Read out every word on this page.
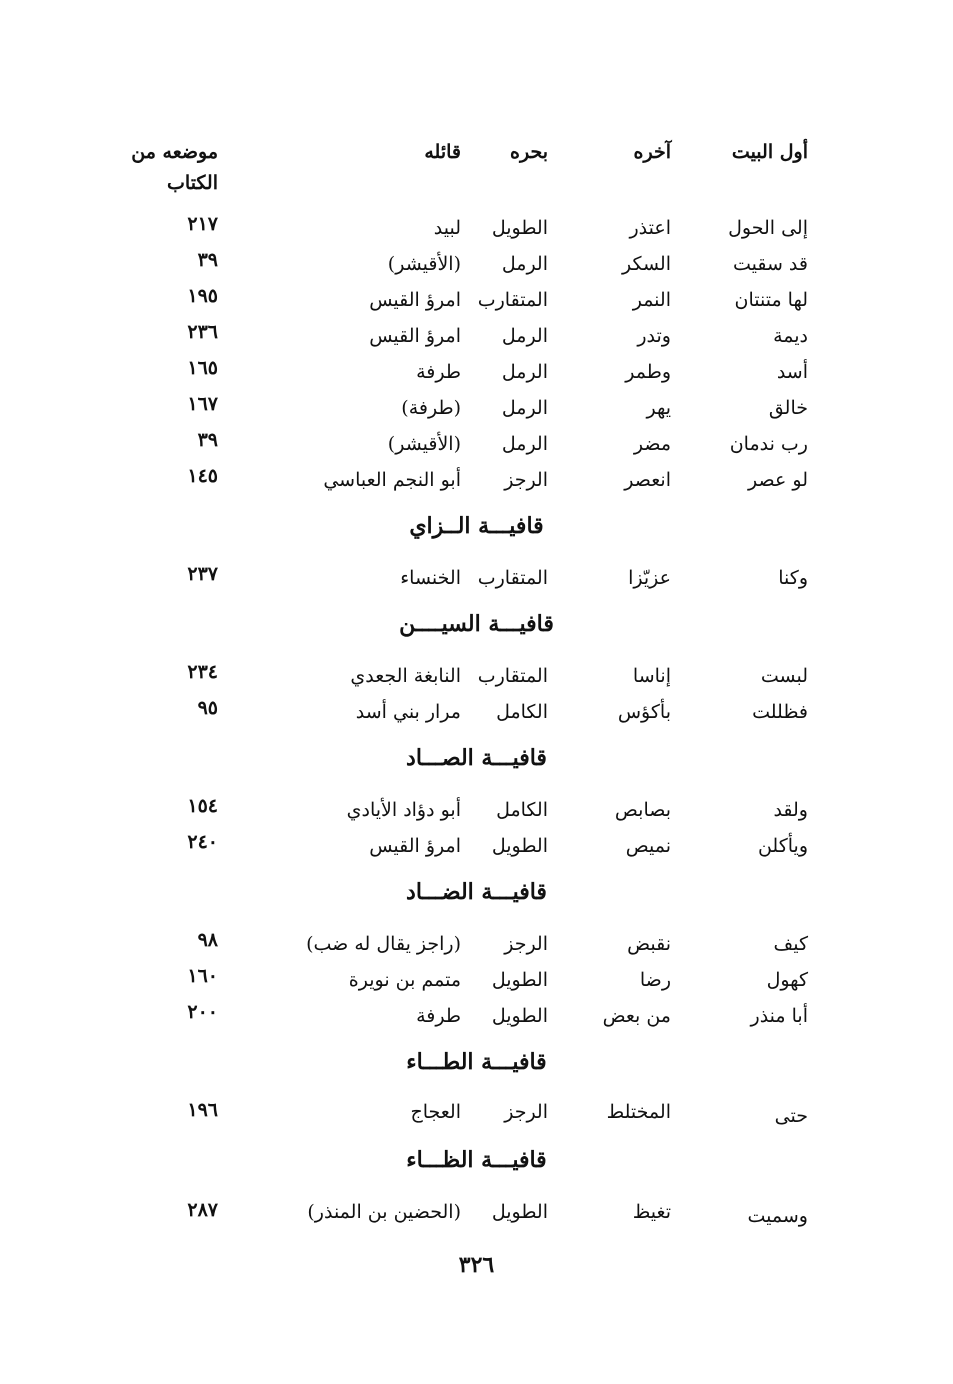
أول البيت
آخره
بحره
قائله
موضعه من
الكتاب
إلى الحول
اعتذر
الطويل
لبيد
٢١٧
قد سقيت
السكر
الرمل
(الأقيشر)
٣٩
لها متنتان
النمر
المتقارب
امرؤ القيس
١٩٥
ديمة
وتدر
الرمل
امرؤ القيس
٢٣٦
أسد
وطمر
الرمل
طرفة
١٦٥
خالق
يهر
الرمل
(طرفة)
١٦٧
رب ندمان
مضر
الرمل
(الأقيشر)
٣٩
لو عصر
انعصر
الرجز
أبو النجم العباسي
١٤٥
قافيـــة الــزاي
وكنا
عزيّزا
المتقارب
الخنساء
٢٣٧
قافيـــة السيــــن
لبست
إناسا
المتقارب
النابغة الجعدي
٢٣٤
فظللت
بأكؤس
الكامل
مرار بني أسد
٩٥
قافيـــة الصـــاد
ولقد
بصابص
الكامل
أبو دؤاد الأيادي
١٥٤
ويأكلن
نميص
الطويل
امرؤ القيس
٢٤٠
قافيـــة الضـــاد
كيف
نقبض
الرجز
(راجز يقال له ضب)
٩٨
كهول
رضا
الطويل
متمم بن نويرة
١٦٠
أبا منذر
من بعض
الطويل
طرفة
٢٠٠
قافيـــة الطـــاء
حتى
المختلط
الرجز
العجاج
١٩٦
قافيـــة الظـــاء
وسميت
تغيظ
الطويل
(الحضين بن المنذر)
٢٨٧
٣٢٦
